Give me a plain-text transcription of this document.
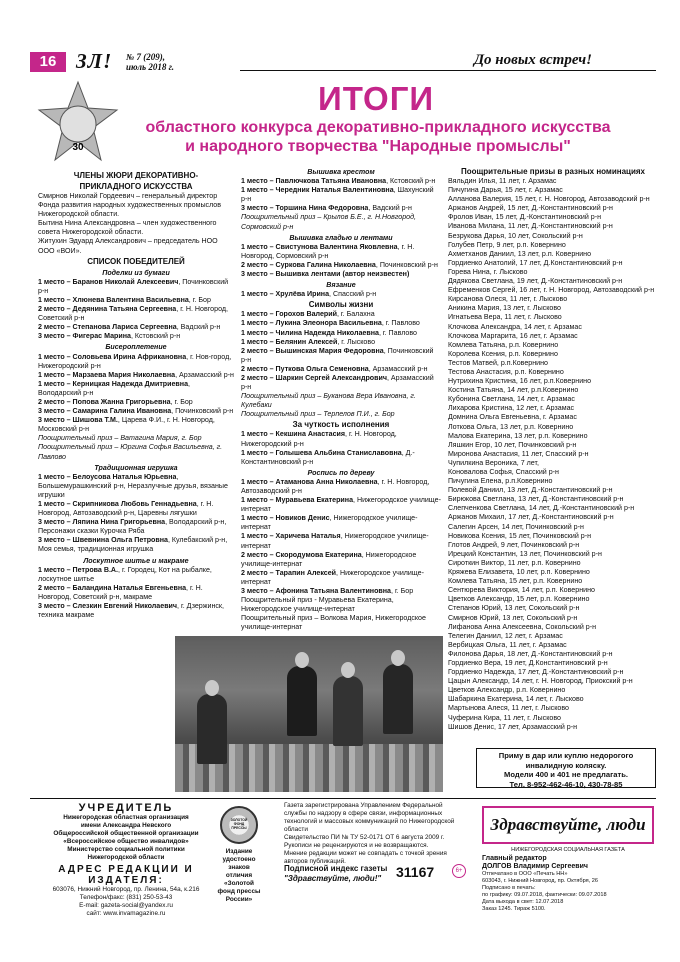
16 ЗЛ! № 7 (209),
июль 2018 г.	До новых встреч!
30
ИТОГИ
областного конкурса декоративно-прикладного искусства
и народного творчества "Народные промыслы"

ЧЛЕНЫ ЖЮРИ ДЕКОРАТИВНО-

ПРИКЛАДНОГО ИСКУССТВА

Смирнов Николай Гордеевич – генеральный директор Фонда развития народных художественных промыслов Нижегородской области.

Бытина Нина Александровна – член художественного совета Нижегородской области.

Житухин Эдуард Александрович – председатель НОО ООО «ВОИ».

СПИСОК ПОБЕДИТЕЛЕЙ

Поделки из бумаги

1 место – Баранов Николай Алексеевич, Починковский р-н

1 место – Хлюнева Валентина Васильевна, г. Бор

2 место – Дедянина Татьяна Сергеевна, г. Н. Новгород, Советский р-н

2 место – Степанова Лариса Сергеевна, Вадский р-н

3 место – Фигерас Марина, Кстовский р-н

Бисероплетение

1 место – Соловьева Ирина Африкановна, г. Нов-город, Нижегородский р-н

1 место – Марзаева Мария Николаевна, Арзамасский р-н

1 место – Керницкая Надежда Дмитриевна, Володарский р-н

2 место – Попова Жанна Григорьевна, г. Бор

3 место – Самарина Галина Ивановна, Починковский р-н

3 место – Шишова Т.М., Царева Ф.И., г. Н. Новгород, Московский р-н

Поощрительный приз – Ватагина Мария, г. Бор

Поощрительный приз – Юргина Софья Васильевна, г. Павлово

Традиционная игрушка

1 место – Белоусова Наталья Юрьевна, Большемурашкинский р-н, Неразлучные друзья, вязаные игрушки

1 место – Скрипникова Любовь Геннадьевна, г. Н. Новгород, Автозаводский р-н, Царевны лягушки

3 место – Ляпина Нина Григорьевна, Володарский р-н, Персонажи сказки Курочка Ряба

3 место – Швевнина Ольга Петровна, Кулебакский р-н, Моя семья, традиционная игрушка

Лоскутное шитье и макраме

1 место – Петрова В.А., г. Городец, Кот на рыбалке, лоскутное шитье

2 место – Баландина Наталья Евгеньевна, г. Н. Новгород, Советский р-н, макраме

3 место – Слезкин Евгений Николаевич, г. Дзержинск, техника макраме

Вышивка крестом

1 место – Павлючкова Татьяна Ивановна, Кстовский р-н

1 место – Чередник Наталья Валентиновна, Шахунский р-н

3 место – Торшина Нина Федоровна, Вадский р-н

Поощрительный приз – Крылов Б.Е., г. Н.Новгород, Сормовский р-н

Вышивка гладью и лентами

1 место – Свистунова Валентина Яковлевна, г. Н. Новгород, Сормовский р-н

2 место – Суркова Галина Николаевна, Починковский р-н

3 место – Вышивка лентами (автор неизвестен)

Вязание

1 место – Хрулёва Ирина, Спасский р-н

Символы жизни

1 место – Горохов Валерий, г. Балахна

1 место – Лукина Элеонора Васильевна, г. Павлово

1 место – Чилина Надежда Николаевна, г. Павлово

1 место – Белянин Алексей, г. Лысково

2 место – Вышинская Мария Федоровна, Починковский р-н

2 место – Путкова Ольга Семеновна, Арзамасский р-н

2 место – Шаркин Сергей Александрович, Арзамасский р-н

Поощрительный приз – Буканова Вера Ивановна, г. Кулебаки

Поощрительный приз – Терпелов П.И., г. Бор

За чуткость исполнения

1 место – Кекшина Анастасия, г. Н. Новгород, Нижегородский р-н

1 место – Голышева Альбина Станиславовна, Д.-Константиновский р-н

Роспись по дереву

1 место – Атаманова Анна Николаевна, г. Н. Новгород, Автозаводский р-н

1 место – Муравьева Екатерина, Нижегородское училище-интернат

1 место – Новиков Денис, Нижегородское училище-интернат

1 место – Харичева Наталья, Нижегородское училище-интернат

2 место – Скородумова Екатерина, Нижегородское училище-интернат

2 место – Тарапин Алексей, Нижегородское училище-интернат

3 место – Афонина Татьяна Валентиновна, г. Бор

Поощрительный приз - Муравьева Екатерина, Нижегородское училище-интернат

Поощрительный приз – Волкова Мария, Нижегородское училище-интернат

Поощрительные призы в разных номинациях

Вяльдин Илья, 11 лет, г. Арзамас

Пичугина Дарья, 15 лет, г. Арзамас

Алланова Валерия, 15 лет, г. Н. Новгород, Автозаводский р-н

Аржанов Андрей, 15 лет, Д.-Константиновский р-н

Фролов Иван, 15 лет, Д.-Константиновский р-н

Иванова Милана, 11 лет, Д.-Константиновский р-н

Безрукова Дарья, 10 лет, Сокольский р-н

Голубев Петр, 9 лет, р.п. Ковернино

Ахметханов Даниил, 13 лет, р.п. Ковернино

Гордиенко Анатолий, 17 лет, Д.Константиновский р-н

Горева Нина, г. Лысково

Дядякова Светлана, 19 лет, Д.-Константиновский р-н

Ефременков Сергей, 16 лет, г. Н. Новгород, Автозаводский р-н

Кирсанова Олеся, 11 лет, г. Лысково

Аникина Мария, 13 лет, г. Лысково

Игнатьева Вера, 11 лет, г. Лысково

Клочкова Александра, 14 лет, г. Арзамас

Клочкова Маргарита, 16 лет, г. Арзамас

Комлева Татьяна, р.п. Ковернино

Королева Ксения, р.п. Ковернино

Тестов Матвей, р.п.Ковернино

Тестова Анастасия, р.п. Ковернино

Нутрихина Кристина, 16 лет, р.п.Ковернино

Костина Татьяна, 14 лет, р.п.Ковернино

Кубонина Светлана, 14 лет, г. Арзамас

Лихарова Кристина, 12 лет, г. Арзамас

Домнина Ольга Евгеньевна, г. Арзамас

Лоткова Ольга, 13 лет, р.п. Ковернино

Малова Екатерина, 13 лет, р.п. Ковернино

Ляшкин Егор, 10 лет, Починковский р-н

Миронова Анастасия, 11 лет, Спасский р-н

Чупилкина Вероника, 7 лет,

Коновалова Софья, Спасский р-н

Пичугина Елена, р.п.Ковернино

Полевой Даниил, 13 лет, Д.-Константиновский р-н

Бирюкова Светлана, 13 лет, Д.-Константиновский р-н

Слепченкова Светлана, 14 лет, Д.-Константиновский р-н

Аржанов Михаил, 17 лет, Д.-Константиновский р-н

Салегин Арсен, 14 лет, Починковский р-н

Новикова Ксения, 15 лет, Починковский р-н

Глотов Андрей, 9 лет, Починковский р-н

Ирецкий Константин, 13 лет, Починковский р-н

Сироткин Виктор, 11 лет, р.п. Ковернино

Кряжева Елизавета, 10 лет, р.п. Ковернино

Комлева Татьяна, 15 лет, р.п. Ковернино

Сентюрева Виктория, 14 лет, р.п. Ковернино

Цветков Александр, 15 лет, р.п. Ковернино

Степанов Юрий, 13 лет, Сокольский р-н

Смирнов Юрий, 13 лет, Сокольский р-н

Лифанова Анна Алексеевна, Сокольский р-н

Телегин Даниил, 12 лет, г. Арзамас

Вербицкая Ольга, 11 лет, г. Арзамас

Филонова Дарья, 18 лет, Д.-Константиновский р-н

Гордиенко Вера, 19 лет, Д.Константиновский р-н

Гордиенко Надежда, 17 лет, Д.-Константиновский р-н

Цацын Александр, 14 лет, г. Н. Новгород, Приокский р-н

Цветков Александр, р.п. Ковернино

Шабаркина Екатерина, 14 лет, г. Лысково

Мартынова Алеся, 11 лет, г. Лысково

Чуферина Кира, 11 лет, г. Лысково

Шишов Денис, 17 лет, Арзамасский р-н

Приму в дар или куплю недорогого
инвалидную коляску.
Модели 400 и 401 не предлагать.
Тел. 8-952-462-46-10, 430-78-85
УЧРЕДИТЕЛЬ
Нижегородская областная организация
имени Александра Невского
Общероссийской общественной организации
«Всероссийское общество инвалидов»
Министерство социальной политики
Нижегородской области
АДРЕС РЕДАКЦИИ И ИЗДАТЕЛЯ:
603076, Нижний Новгород, пр. Ленина, 54а, к.216
Телефон/факс: (831) 250-53-43
E-mail: gazeta-social@yandex.ru
сайт: www.invamagazine.ru
ЗОЛОТОЙ
ФОНД
ПРЕССЫ
Издание
удостоено
знаков
отличия
«Золотой
фонд прессы
России»
Газета зарегистрирована Управлением Федеральной службы по надзору в сфере связи, информационных технологий и массовых коммуникаций по Нижегородской области
Свидетельство ПИ № ТУ 52-0171 ОТ 6 августа 2009 г.
Рукописи не рецензируются и не возвращаются.
Мнение редакции может не совпадать с точкой зрения авторов публикаций.
Подписной индекс газеты
"Здравствуйте, люди!"	31167	6+
Здравствуйте, люди
НИЖЕГОРОДСКАЯ СОЦИАЛЬНАЯ ГАЗЕТА
Главный редактор
ДОЛГОВ Владимир Сергеевич
Отпечатано в ООО «Печать НН»
603043, г. Нижний Новгород, пр. Октября, 26
Подписано в печать:
по графику: 09.07.2018, фактически: 09.07.2018
Дата выхода в свет: 12.07.2018
Заказ 1245. Тираж 5100.
